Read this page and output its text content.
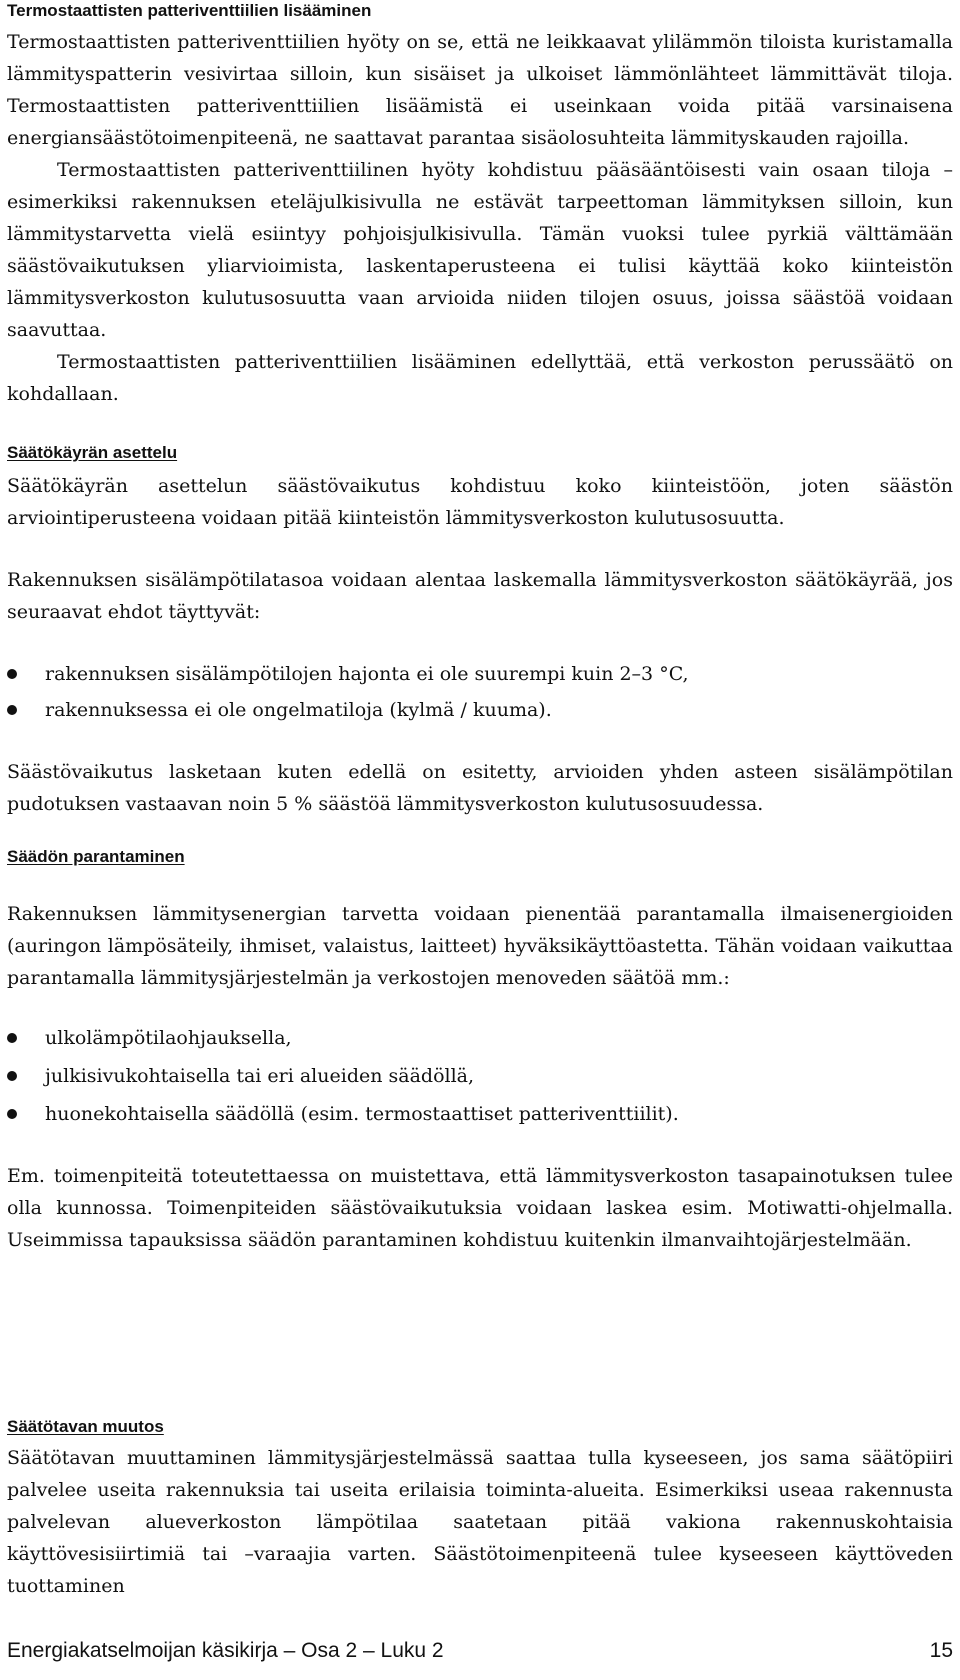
Termostaattisten patteriventtiilien lisääminen

Termostaattisten patteriventtiilien hyöty on se, että ne leikkaavat ylilämmön tiloista kuristamalla lämmityspatterin vesivirtaa silloin, kun sisäiset ja ulkoiset lämmönlähteet lämmittävät tiloja. Termostaattisten patteriventtiilien lisäämistä ei useinkaan voida pitää varsinaisena energiansäästötoimenpiteenä, ne saattavat parantaa sisäolosuhteita lämmityskauden rajoilla.

Termostaattisten patteriventtiilinen hyöty kohdistuu pääsääntöisesti vain osaan tiloja – esimerkiksi rakennuksen eteläjulkisivulla ne estävät tarpeettoman lämmityksen silloin, kun lämmitystarvetta vielä esiintyy pohjoisjulkisivulla. Tämän vuoksi tulee pyrkiä välttämään säästövaikutuksen yliarvioimista, laskentaperusteena ei tulisi käyttää koko kiinteistön lämmitysverkoston kulutusosuutta vaan arvioida niiden tilojen osuus, joissa säästöä voidaan saavuttaa.

Termostaattisten patteriventtiilien lisääminen edellyttää, että verkoston perussäätö on kohdallaan.

Säätökäyrän asettelu

Säätökäyrän asettelun säästövaikutus kohdistuu koko kiinteistöön, joten säästön arviointiperusteena voidaan pitää kiinteistön lämmitysverkoston kulutusosuutta.

Rakennuksen sisälämpötilatasoa voidaan alentaa laskemalla lämmitysverkoston säätökäyrää, jos seuraavat ehdot täyttyvät:

rakennuksen sisälämpötilojen hajonta ei ole suurempi kuin 2–3 °C,
rakennuksessa ei ole ongelmatiloja (kylmä / kuuma).

Säästövaikutus lasketaan kuten edellä on esitetty, arvioiden yhden asteen sisälämpötilan pudotuksen vastaavan noin 5 % säästöä lämmitysverkoston kulutusosuudessa.

Säädön parantaminen

Rakennuksen lämmitysenergian tarvetta voidaan pienentää parantamalla ilmaisenergioiden (auringon lämpösäteily, ihmiset, valaistus, laitteet) hyväksikäyttöastetta. Tähän voidaan vaikuttaa parantamalla lämmitysjärjestelmän ja verkostojen menoveden säätöä mm.:

ulkolämpötilaohjauksella,
julkisivukohtaisella tai eri alueiden säädöllä,
huonekohtaisella säädöllä (esim. termostaattiset patteriventtiilit).

Em. toimenpiteitä toteutettaessa on muistettava, että lämmitysverkoston tasapainotuksen tulee olla kunnossa. Toimenpiteiden säästövaikutuksia voidaan laskea esim. Motiwatti-ohjelmalla. Useimmissa tapauksissa säädön parantaminen kohdistuu kuitenkin ilmanvaihtojärjestelmään.

Säätötavan muutos

Säätötavan muuttaminen lämmitysjärjestelmässä saattaa tulla kyseeseen, jos sama säätöpiiri palvelee useita rakennuksia tai useita erilaisia toiminta-alueita. Esimerkiksi useaa rakennusta palvelevan alueverkoston lämpötilaa saatetaan pitää vakiona rakennuskohtaisia käyttövesisiirtimiä tai –varaajia varten. Säästötoimenpiteenä tulee kyseeseen käyttöveden tuottaminen

Energiakatselmoijan käsikirja – Osa 2 – Luku 2	15
